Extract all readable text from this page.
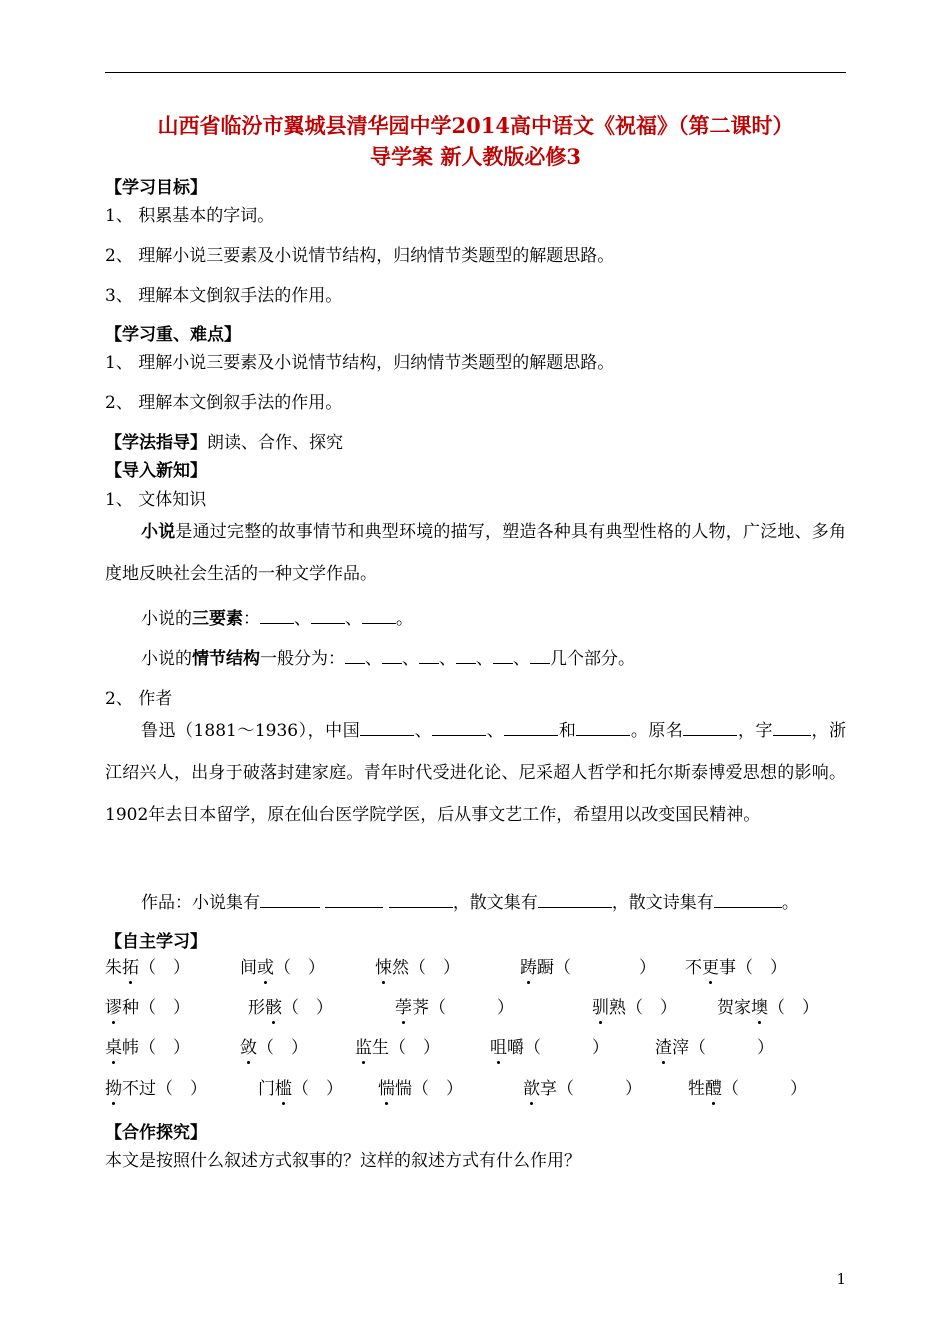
山西省临汾市翼城县清华园中学2014高中语文《祝福》（第二课时）
导学案 新人教版必修3
【学习目标】
1、 积累基本的字词。
2、 理解小说三要素及小说情节结构，归纳情节类题型的解题思路。
3、 理解本文倒叙手法的作用。
【学习重、难点】
1、 理解小说三要素及小说情节结构，归纳情节类题型的解题思路。
2、 理解本文倒叙手法的作用。
【学法指导】朗读、合作、探究
【导入新知】
1、 文体知识
小说是通过完整的故事情节和典型环境的描写，塑造各种具有典型性格的人物，广泛地、多角度地反映社会生活的一种文学作品。
小说的三要素： 、 、 。
小说的情节结构一般分为： 、 、 、 、 、 几个部分。
2、 作者
鲁迅（1881～1936），中国	、	、	和	。原名	，字 ，浙江绍兴人，出身于破落封建家庭。青年时代受进化论、尼采超人哲学和托尔斯泰博爱思想的影响。1902年去日本留学，原在仙台医学院学医，后从事文艺工作，希望用以改变国民精神。
作品：小说集有	，散文集有	，散文诗集有	。
【自主学习】
朱拓（　）	间或（　）	悚然（　）	踌蹰（　　　　） 不更事（　）
谬种（　）	形骸（　）	荸荠（　　　）	驯熟（　） 贺家墺（　）
桌帏（　）	敛（　）	监生（　）	咀嚼（　　　）	渣滓（　　　）
拗不过（　）	门槛（　） 惴惴（　）	歆享（　　　）	牲醴（　　　）
【合作探究】
本文是按照什么叙述方式叙事的？这样的叙述方式有什么作用？
1
